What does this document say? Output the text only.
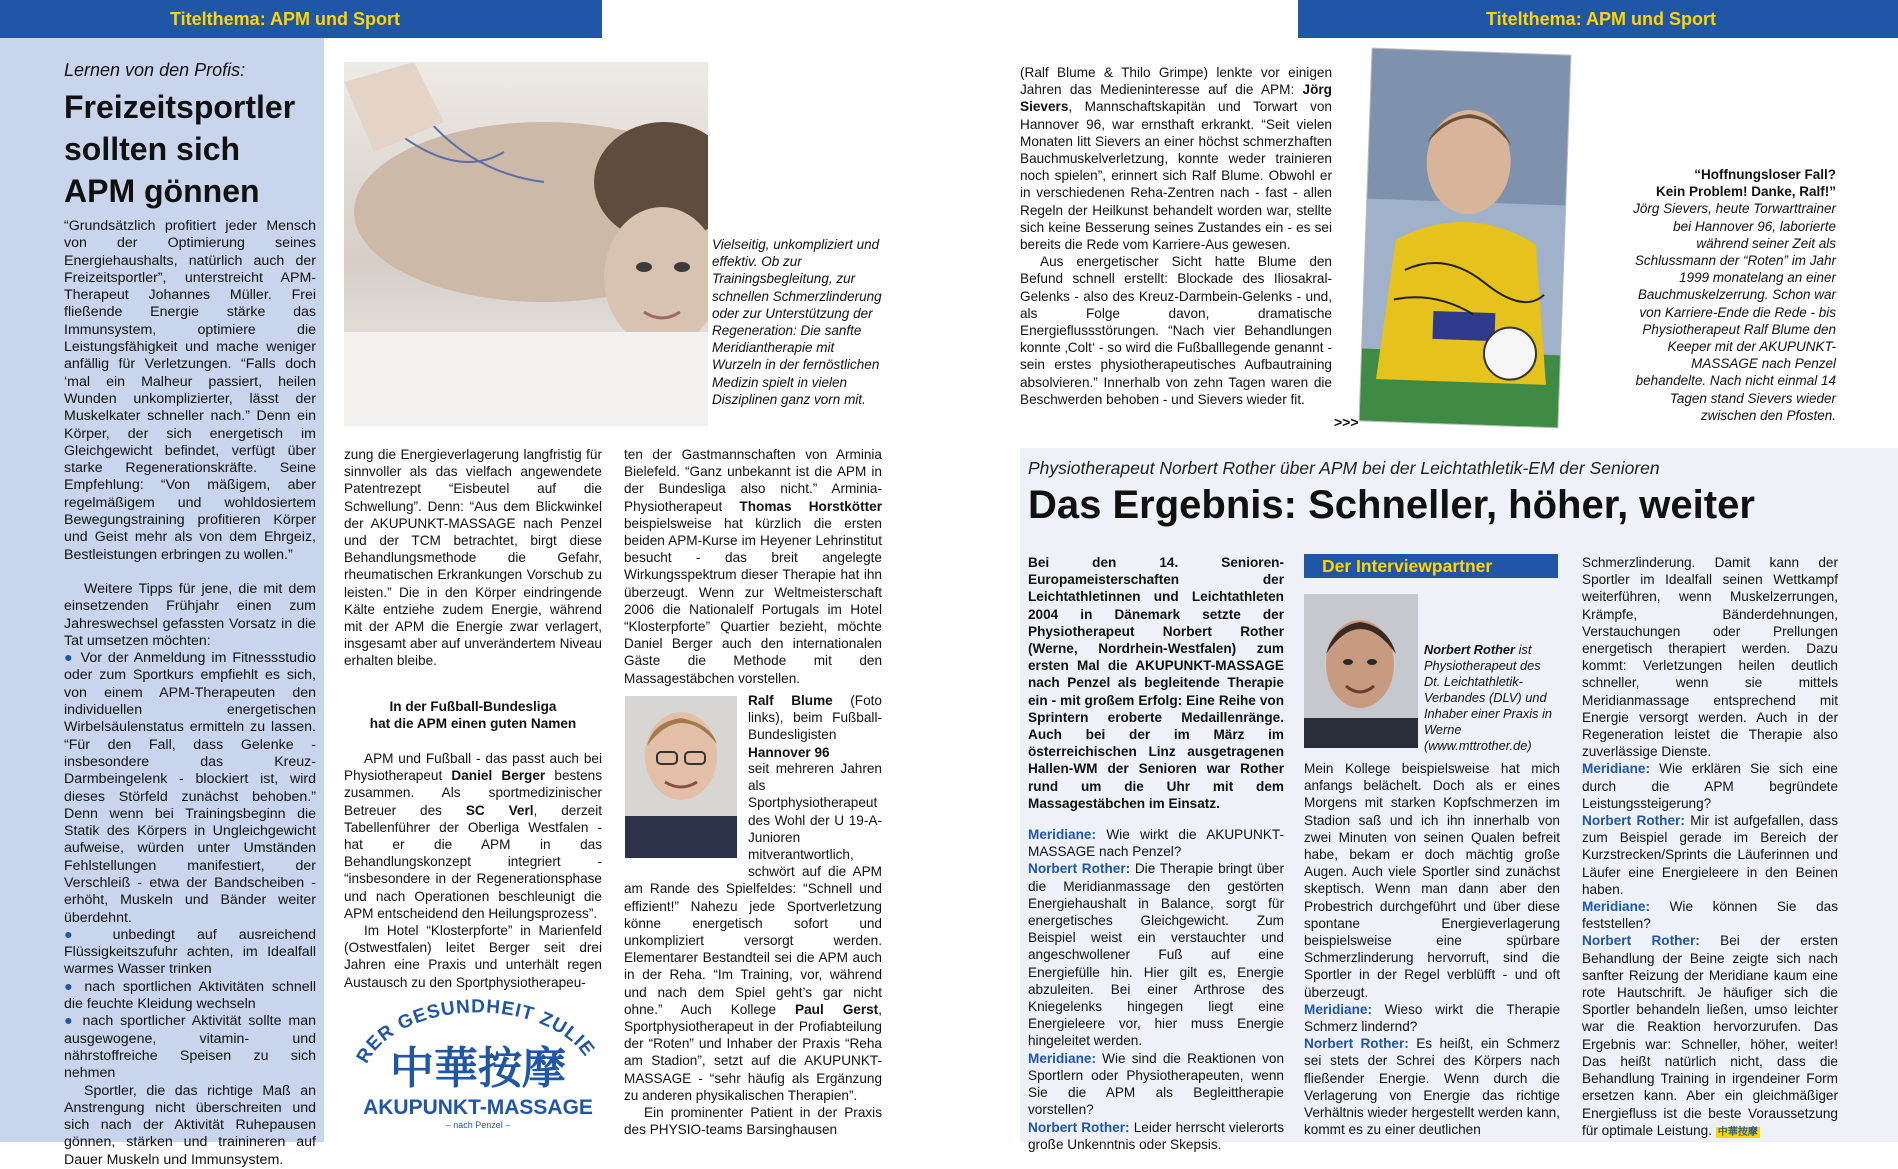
Titelthema: APM und Sport
Lernen von den Profis:
Freizeitsportler
sollten sich
APM gönnen

“Grundsätzlich profitiert jeder Mensch von der Optimierung seines Energiehaushalts, natürlich auch der Freizeitsportler”, unterstreicht APM-Therapeut Johannes Müller. Frei fließende Energie stärke das Immunsystem, optimiere die Leistungsfähigkeit und mache weniger anfällig für Verletzungen. “Falls doch ‘mal ein Malheur passiert, heilen Wunden unkomplizierter, lässt der Muskelkater schneller nach.” Denn ein Körper, der sich energetisch im Gleichgewicht befindet, verfügt über starke Regenerationskräfte. Seine Empfehlung: “Von mäßigem, aber regelmäßigem und wohldosiertem Bewegungstraining profitieren Körper und Geist mehr als von dem Ehrgeiz, Bestleistungen erbringen zu wollen.”

Weitere Tipps für jene, die mit dem einsetzenden Frühjahr einen zum Jahreswechsel gefassten Vorsatz in die Tat umsetzen möchten:

● Vor der Anmeldung im Fitnessstudio oder zum Sportkurs empfiehlt es sich, von einem APM-Therapeuten den individuellen energetischen Wirbelsäulenstatus ermitteln zu lassen. “Für den Fall, dass Gelenke - insbesondere das Kreuz-Darmbeingelenk - blockiert ist, wird dieses Störfeld zunächst behoben.” Denn wenn bei Trainingsbeginn die Statik des Körpers in Ungleichgewicht aufweise, würden unter Umständen Fehlstellungen manifestiert, der Verschleiß - etwa der Bandscheiben - erhöht, Muskeln und Bänder weiter überdehnt.

● unbedingt auf ausreichend Flüssigkeitszufuhr achten, im Idealfall warmes Wasser trinken

● nach sportlichen Aktivitäten schnell die feuchte Kleidung wechseln

● nach sportlicher Aktivität sollte man ausgewogene, vitamin- und nährstoffreiche Speisen zu sich nehmen

Sportler, die das richtige Maß an Anstrengung nicht überschreiten und sich nach der Aktivität Ruhepausen gönnen, stärken und trainineren auf Dauer Muskeln und Immunsystem.

Vielseitig, unkompliziert und effektiv. Ob zur Trainingsbegleitung, zur schnellen Schmerzlinderung oder zur Unterstützung der Regeneration: Die sanfte Meridiantherapie mit Wurzeln in der fernöstlichen Medizin spielt in vielen Disziplinen ganz vorn mit.

zung die Energieverlagerung langfristig für sinnvoller als das vielfach angewendete Patentrezept “Eisbeutel auf die Schwellung”. Denn: “Aus dem Blickwinkel der AKUPUNKT-MASSAGE nach Penzel und der TCM betrachtet, birgt diese Behandlungsmethode die Gefahr, rheumatischen Erkrankungen Vorschub zu leisten.” Die in den Körper eindringende Kälte entziehe zudem Energie, während mit der APM die Energie zwar verlagert, insgesamt aber auf unverändertem Niveau erhalten bleibe.

In der Fußball-Bundesliga
hat die APM einen guten Namen

APM und Fußball - das passt auch bei Physiotherapeut Daniel Berger bestens zusammen. Als sportmedizinischer Betreuer des SC Verl, derzeit Tabellenführer der Oberliga Westfalen - hat er die APM in das Behandlungskonzept integriert - “insbesondere in der Regenerationsphase und nach Operationen beschleunigt die APM entscheidend den Heilungsprozess”.

Im Hotel “Klosterpforte” in Marienfeld (Ostwestfalen) leitet Berger seit drei Jahren eine Praxis und unterhält regen Austausch zu den Sportphysiotherapeu-

RER GESUNDHEIT ZULIE
中華按摩
AKUPUNKT-MASSAGE
– nach Penzel –

ten der Gastmannschaften von Arminia Bielefeld. “Ganz unbekannt ist die APM in der Bundesliga also nicht.” Arminia-Physiotherapeut Thomas Horstkötter beispielsweise hat kürzlich die ersten beiden APM-Kurse im Heyener Lehrinstitut besucht - das breit angelegte Wirkungsspektrum dieser Therapie hat ihn überzeugt. Wenn zur Weltmeisterschaft 2006 die Nationalelf Portugals im Hotel “Klosterpforte” Quartier bezieht, möchte Daniel Berger auch den internationalen Gäste die Methode mit den Massagestäbchen vorstellen.

Ralf Blume (Foto links), beim Fußball-Bundesligisten Hannover 96
seit mehreren Jahren als Sportphysiotherapeut des Wohl der U 19-A-Junioren mitverantwortlich, schwört auf die APM am Rande des Spielfeldes: “Schnell und effizient!” Nahezu jede Sportverletzung könne energetisch sofort und unkompliziert versorgt werden. Elementarer Bestandteil sei die APM auch in der Reha. “Im Training, vor, während und nach dem Spiel geht’s gar nicht ohne.” Auch Kollege Paul Gerst, Sportphysiotherapeut in der Profiabteilung der “Roten” und Inhaber der Praxis “Reha am Stadion”, setzt auf die AKUPUNKT-MASSAGE - “sehr häufig als Ergänzung zu anderen physikalischen Therapien”.

Ein prominenter Patient in der Praxis des PHYSIO-teams Barsinghausen

Titelthema: APM und Sport

(Ralf Blume & Thilo Grimpe) lenkte vor einigen Jahren das Medieninteresse auf die APM: Jörg Sievers, Mannschaftskapitän und Torwart von Hannover 96, war ernsthaft erkrankt. “Seit vielen Monaten litt Sievers an einer höchst schmerzhaften Bauchmuskelverletzung, konnte weder trainieren noch spielen”, erinnert sich Ralf Blume. Obwohl er in verschiedenen Reha-Zentren nach - fast - allen Regeln der Heilkunst behandelt worden war, stellte sich keine Besserung seines Zustandes ein - es sei bereits die Rede vom Karriere-Aus gewesen.

Aus energetischer Sicht hatte Blume den Befund schnell erstellt: Blockade des Iliosakral-Gelenks - also des Kreuz-Darmbein-Gelenks - und, als Folge davon, dramatische Energieflussstörungen. “Nach vier Behandlungen konnte ‚Colt‘ - so wird die Fußballlegende genannt - sein erstes physiotherapeutisches Aufbautraining absolvieren.” Innerhalb von zehn Tagen waren die Beschwerden behoben - und Sievers wieder fit.

>>>
“Hoffnungsloser Fall?
Kein Problem! Danke, Ralf!”

Jörg Sievers, heute Torwarttrainer bei Hannover 96, laborierte während seiner Zeit als Schlussmann der “Roten” im Jahr 1999 monatelang an einer Bauchmuskelzerrung. Schon war von Karriere-Ende die Rede - bis Physiotherapeut Ralf Blume den Keeper mit der AKUPUNKT-MASSAGE nach Penzel behandelte. Nach nicht einmal 14 Tagen stand Sievers wieder zwischen den Pfosten.

Physiotherapeut Norbert Rother über APM bei der Leichtathletik-EM der Senioren
Das Ergebnis: Schneller, höher, weiter

Bei den 14. Senioren-Europameisterschaften der Leichtathletinnen und Leichtathleten 2004 in Dänemark setzte der Physiotherapeut Norbert Rother (Werne, Nordrhein-Westfalen) zum ersten Mal die AKUPUNKT-MASSAGE nach Penzel als begleitende Therapie ein - mit großem Erfolg: Eine Reihe von Sprintern eroberte Medaillenränge. Auch bei der im März im österreichischen Linz ausgetragenen Hallen-WM der Senioren war Rother rund um die Uhr mit dem Massagestäbchen im Einsatz.

Meridiane: Wie wirkt die AKUPUNKT-MASSAGE nach Penzel?

Norbert Rother: Die Therapie bringt über die Meridianmassage den gestörten Energiehaushalt in Balance, sorgt für energetisches Gleichgewicht. Zum Beispiel weist ein verstauchter und angeschwollener Fuß auf eine Energiefülle hin. Hier gilt es, Energie abzuleiten. Bei einer Arthrose des Kniegelenks hingegen liegt eine Energieleere vor, hier muss Energie hingeleitet werden.

Meridiane: Wie sind die Reaktionen von Sportlern oder Physiotherapeuten, wenn Sie die APM als Begleittherapie vorstellen?

Norbert Rother: Leider herrscht vielerorts große Unkenntnis oder Skepsis.

Der Interviewpartner
Norbert Rother ist Physiotherapeut des Dt. Leichtathletik-Verbandes (DLV) und Inhaber einer Praxis in Werne (www.mttrother.de)

Mein Kollege beispielsweise hat mich anfangs belächelt. Doch als er eines Morgens mit starken Kopfschmerzen im Stadion saß und ich ihn innerhalb von zwei Minuten von seinen Qualen befreit habe, bekam er doch mächtig große Augen. Auch viele Sportler sind zunächst skeptisch. Wenn man dann aber den Probestrich durchgeführt und über diese spontane Energieverlagerung beispielsweise eine spürbare Schmerzlinderung hervorruft, sind die Sportler in der Regel verblüfft - und oft überzeugt.

Meridiane: Wieso wirkt die Therapie Schmerz lindernd?

Norbert Rother: Es heißt, ein Schmerz sei stets der Schrei des Körpers nach fließender Energie. Wenn durch die Verlagerung von Energie das richtige Verhältnis wieder hergestellt werden kann, kommt es zu einer deutlichen

Schmerzlinderung. Damit kann der Sportler im Idealfall seinen Wettkampf weiterführen, wenn Muskelzerrungen, Krämpfe, Bänderdehnungen, Verstauchungen oder Prellungen energetisch therapiert werden. Dazu kommt: Verletzungen heilen deutlich schneller, wenn sie mittels Meridianmassage entsprechend mit Energie versorgt werden. Auch in der Regeneration leistet die Therapie also zuverlässige Dienste.

Meridiane: Wie erklären Sie sich eine durch die APM begründete Leistungssteigerung?

Norbert Rother: Mir ist aufgefallen, dass zum Beispiel gerade im Bereich der Kurzstrecken/Sprints die Läuferinnen und Läufer eine Energieleere in den Beinen haben.

Meridiane: Wie können Sie das feststellen?

Norbert Rother: Bei der ersten Behandlung der Beine zeigte sich nach sanfter Reizung der Meridiane kaum eine rote Hautschrift. Je häufiger sich die Sportler behandeln ließen, umso leichter war die Reaktion hervorzurufen. Das Ergebnis war: Schneller, höher, weiter! Das heißt natürlich nicht, dass die Behandlung Training in irgendeiner Form ersetzen kann. Aber ein gleichmäßiger Energiefluss ist die beste Voraussetzung für optimale Leistung. 中華按摩
